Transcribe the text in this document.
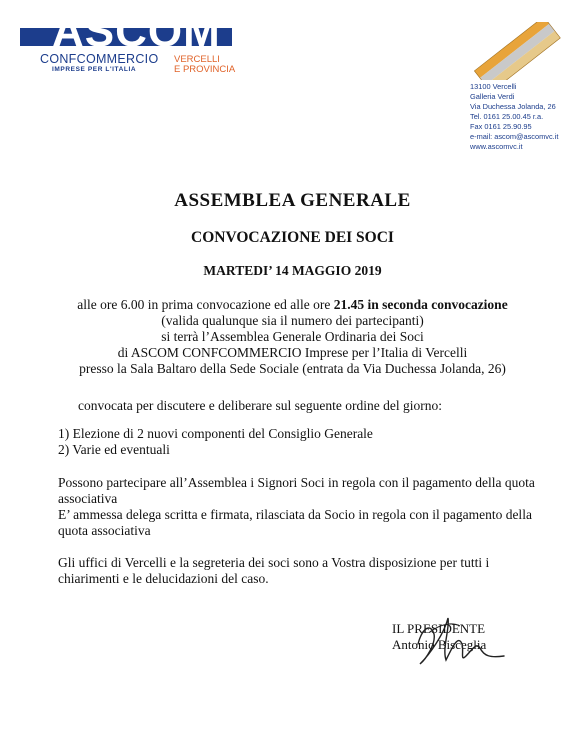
ASCOM
CONFCOMMERCIO
IMPRESE PER L'ITALIA
VERCELLI
E PROVINCIA
13100 Vercelli
Galleria Verdi
Via Duchessa Jolanda, 26
Tel. 0161 25.00.45 r.a.
Fax 0161 25.90.95
e-mail: ascom@ascomvc.it
www.ascomvc.it
ASSEMBLEA GENERALE
CONVOCAZIONE DEI SOCI
MARTEDI’ 14 MAGGIO 2019
alle ore 6.00 in prima convocazione ed alle ore 21.45 in seconda convocazione
(valida qualunque sia il numero dei partecipanti)
si terrà l’Assemblea Generale Ordinaria dei Soci
di ASCOM CONFCOMMERCIO Imprese per l’Italia di Vercelli
presso la Sala Baltaro della Sede Sociale (entrata da Via Duchessa Jolanda, 26)
convocata per discutere e deliberare sul seguente ordine del giorno:
1) Elezione di 2 nuovi componenti del Consiglio Generale
2) Varie ed eventuali
Possono partecipare all’Assemblea i Signori Soci in regola con il pagamento della quota associativa
E’ ammessa delega scritta e firmata, rilasciata da Socio in regola con il pagamento della quota associativa
Gli uffici di Vercelli e la segreteria dei soci sono a Vostra disposizione per tutti i chiarimenti e le delucidazioni del caso.
IL PRESIDENTE
Antonio Bisceglia
